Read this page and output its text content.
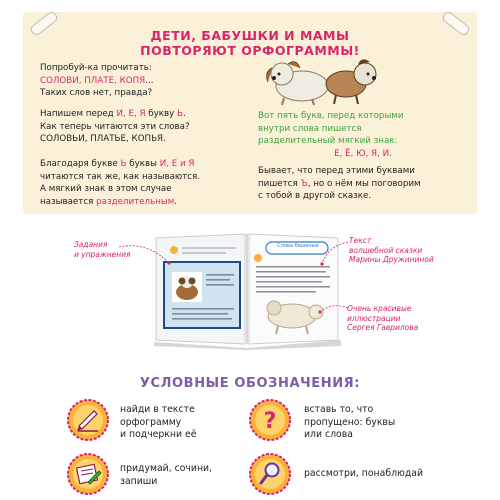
ДЕТИ, БАБУШКИ И МАМЫ
ПОВТОРЯЮТ ОРФОГРАММЫ!

Попробуй-ка прочитать:

СОЛОВИ, ПЛАТЕ, КОПЯ...

Таких слов нет, правда?

Напишем перед И, Е, Я букву Ь.

Как теперь читаются эти слова?

СОЛОВЬИ, ПЛАТЬЕ, КОПЬЯ.

Благодаря букве Ь буквы И, Е и Я

читаются так же, как называются.

А мягкий знак в этом случае

называется разделительным.

Вот пять букв, перед которыми

внутри слова пишется

разделительный мягкий знак:

Е, Ё, Ю, Я, И.

Бывает, что перед этими буквами

пишется Ъ, но о нём мы поговорим

с тобой в другой сказке.

Слова бешеные
Задания
и упражнения
Текст
волшебной сказки
Марины Дружининой
Очень красивые
иллюстрации
Сергея Гаврилова
УСЛОВНЫЕ ОБОЗНАЧЕНИЯ:
найди в тексте
орфограмму
и подчеркни её
?	вставь то, что
пропущено: буквы
или слова
придумай, сочини,
запиши
рассмотри, понаблюдай
